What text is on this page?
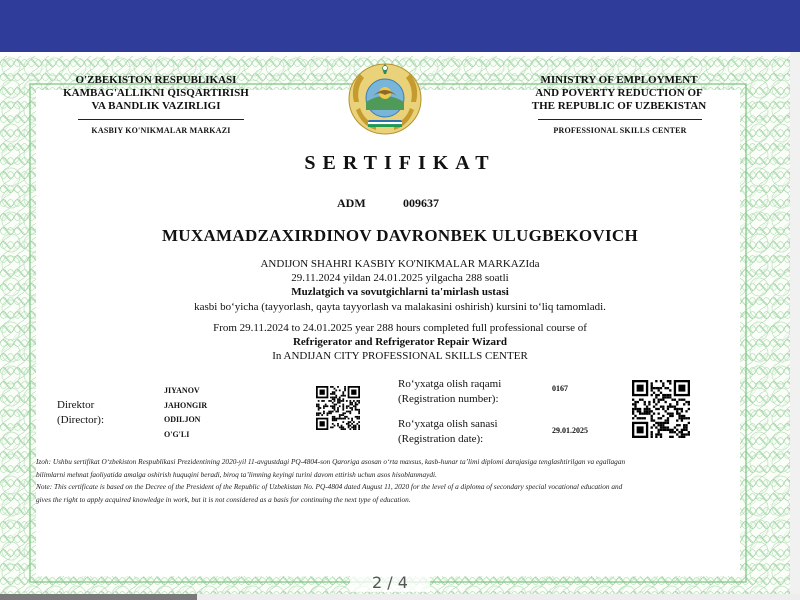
O'ZBEKISTON RESPUBLIKASI
KAMBAG'ALLIKNI QISQARTIRISH
VA BANDLIK VAZIRLIGI
KASBIY KO'NIKMALAR MARKAZI
MINISTRY OF EMPLOYMENT
AND POVERTY REDUCTION OF
THE REPUBLIC OF UZBEKISTAN
PROFESSIONAL SKILLS CENTER
SERTIFIKAT
ADM	009637
MUXAMADZAXIRDINOV DAVRONBEK ULUGBEKOVICH
ANDIJON SHAHRI KASBIY KO'NIKMALAR MARKAZIda
29.11.2024 yildan 24.01.2025 yilgacha 288 soatli
Muzlatgich va sovutgichlarni ta'mirlash ustasi
kasbi bo‘yicha (tayyorlash, qayta tayyorlash va malakasini oshirish) kursini to‘liq tamomladi.
From 29.11.2024 to 24.01.2025 year 288 hours completed full professional course of
Refrigerator and Refrigerator Repair Wizard
In ANDIJAN CITY PROFESSIONAL SKILLS CENTER
Direktor
(Director):
JIYANOV
JAHONGIR
ODILJON
O'G'LI
Ro‘yxatga olish raqami
(Registration number):
Ro‘yxatga olish sanasi
(Registration date):
0167
29.01.2025
Izoh: Ushbu sertifikat O‘zbekiston Respublikasi Prezidentining 2020-yil 11-avgustdagi PQ-4804-son Qaroriga asosan o‘rta maxsus, kasb-hunar ta’limi diplomi darajasiga tenglashtirilgan va egallagan
bilimlarni mehnat faoliyatida amalga oshirish huquqini beradi, biroq ta’limning keyingi turini davom ettirish uchun asos hisoblanmaydi.
Note: This certificate is based on the Decree of the President of the Republic of Uzbekistan No. PQ-4804 dated August 11, 2020 for the level of a diploma of secondary special vocational education and
gives the right to apply acquired knowledge in work, but it is not considered as a basis for continuing the next type of education.
2 / 4
